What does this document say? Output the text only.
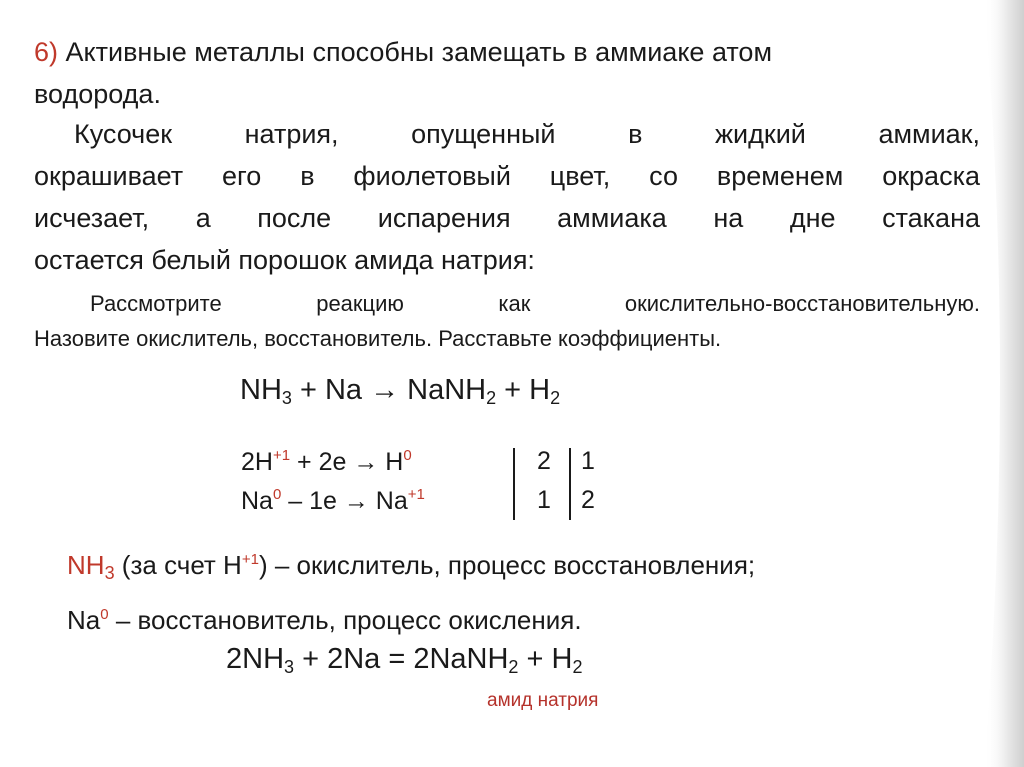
6) Активные металлы способны замещать в аммиаке атом
водорода.

Кусочек натрия, опущенный в жидкий аммиак,
окрашивает его в фиолетовый цвет, со временем окраска
исчезает, а после испарения аммиака на дне стакана
остается белый порошок амида натрия:

Рассмотрите реакцию как окислительно-восстановительную.
Назовите окислитель, восстановитель. Расставьте коэффициенты.

$NH_3 + Na$ → NaNH$_2$ + $H_2$

$2H^{+1} + 2e \to H^0$
$Na^0 - 1e \to Na^{+1}$
2 1
1 2

$NH_3$ (за счет $H^{+1}$) – окислитель, процесс восстановления;
Na$^0$ – восстановитель, процесс окисления.

$2NH_3 + 2Na$ = 2NaNH$_2$ + $H_2$

амид натрия
